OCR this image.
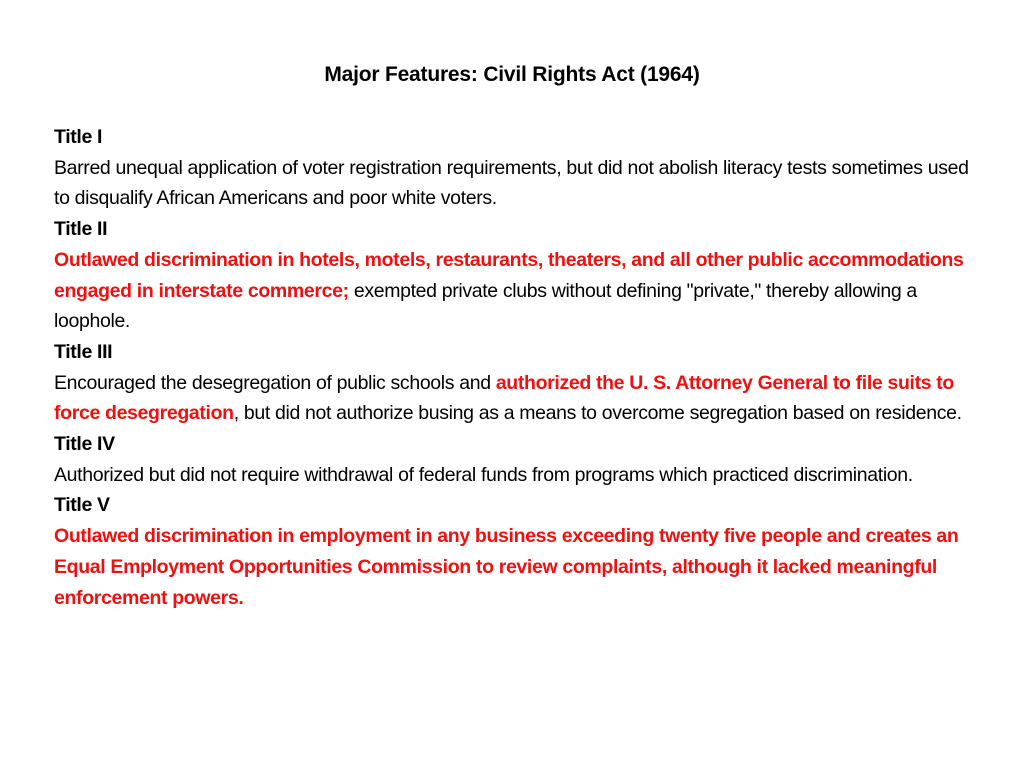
Major Features: Civil Rights Act (1964)
Title I
Barred unequal application of voter registration requirements, but did not abolish literacy tests sometimes used to disqualify African Americans and poor white voters.
Title II
Outlawed discrimination in hotels, motels, restaurants, theaters, and all other public accommodations engaged in interstate commerce; exempted private clubs without defining "private," thereby allowing a loophole.
Title III
Encouraged the desegregation of public schools and authorized the U. S. Attorney General to file suits to force desegregation, but did not authorize busing as a means to overcome segregation based on residence.
Title IV
Authorized but did not require withdrawal of federal funds from programs which practiced discrimination.
Title V
Outlawed discrimination in employment in any business exceeding twenty five people and creates an Equal Employment Opportunities Commission to review complaints, although it lacked meaningful enforcement powers.
